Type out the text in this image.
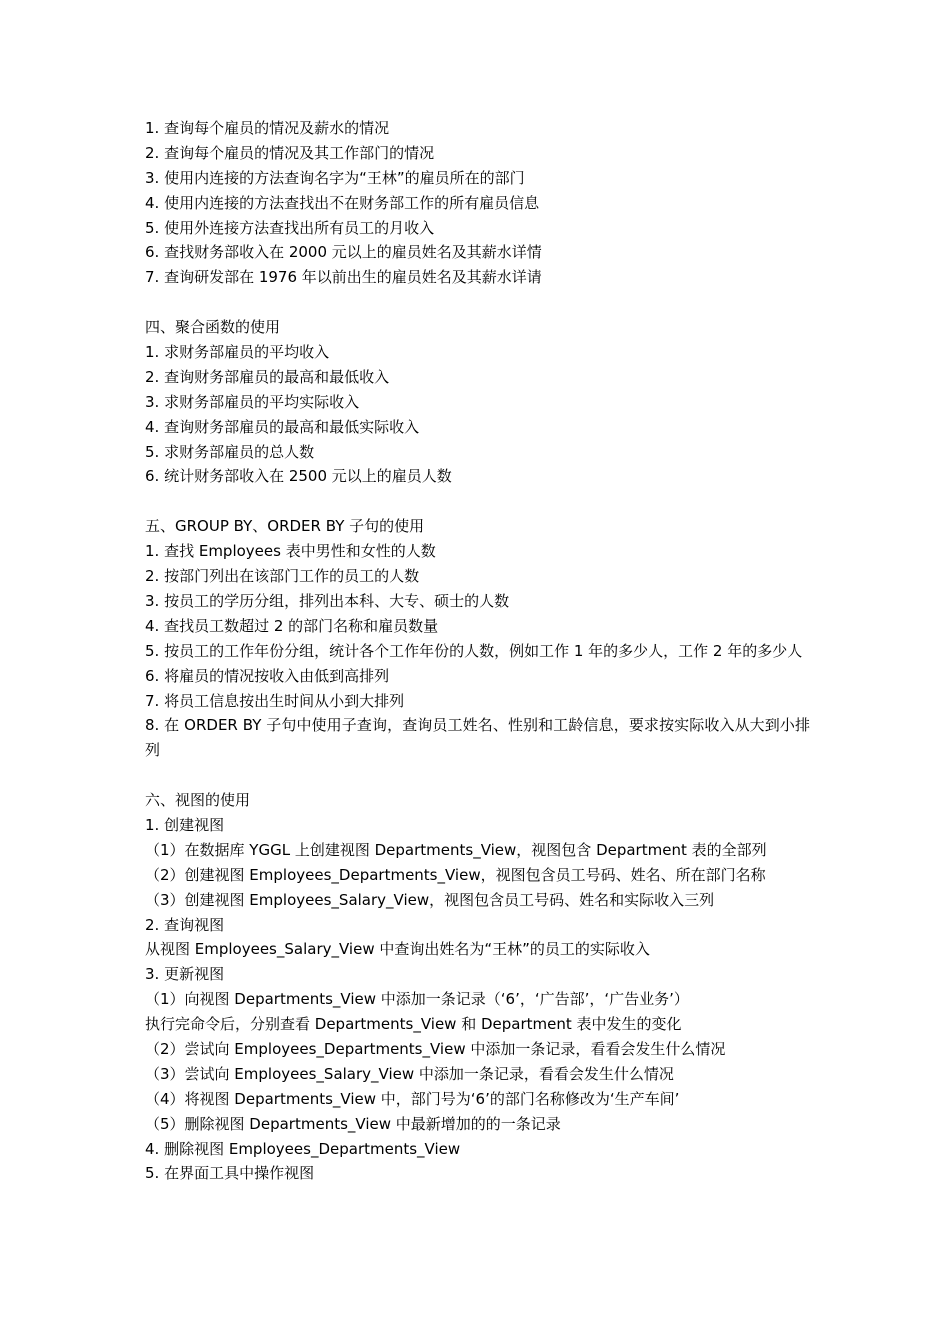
1. 查询每个雇员的情况及薪水的情况
2. 查询每个雇员的情况及其工作部门的情况
3. 使用内连接的方法查询名字为“王林”的雇员所在的部门
4. 使用内连接的方法查找出不在财务部工作的所有雇员信息
5. 使用外连接方法查找出所有员工的月收入
6. 查找财务部收入在 2000 元以上的雇员姓名及其薪水详情
7. 查询研发部在 1976 年以前出生的雇员姓名及其薪水详请
四、聚合函数的使用
1. 求财务部雇员的平均收入
2. 查询财务部雇员的最高和最低收入
3. 求财务部雇员的平均实际收入
4. 查询财务部雇员的最高和最低实际收入
5. 求财务部雇员的总人数
6. 统计财务部收入在 2500 元以上的雇员人数
五、GROUP BY、ORDER BY 子句的使用
1. 查找 Employees 表中男性和女性的人数
2. 按部门列出在该部门工作的员工的人数
3. 按员工的学历分组，排列出本科、大专、硕士的人数
4. 查找员工数超过 2 的部门名称和雇员数量
5. 按员工的工作年份分组，统计各个工作年份的人数，例如工作 1 年的多少人，工作 2 年的多少人
6. 将雇员的情况按收入由低到高排列
7. 将员工信息按出生时间从小到大排列
8. 在 ORDER BY 子句中使用子查询，查询员工姓名、性别和工龄信息，要求按实际收入从大到小排列
六、视图的使用
1. 创建视图
（1）在数据库 YGGL 上创建视图 Departments_View，视图包含 Department 表的全部列
（2）创建视图 Employees_Departments_View，视图包含员工号码、姓名、所在部门名称
（3）创建视图 Employees_Salary_View，视图包含员工号码、姓名和实际收入三列
2. 查询视图
从视图 Employees_Salary_View 中查询出姓名为“王林”的员工的实际收入
3. 更新视图
（1）向视图 Departments_View 中添加一条记录（‘6’，‘广告部’，‘广告业务’）
执行完命令后，分别查看 Departments_View 和 Department 表中发生的变化
（2）尝试向 Employees_Departments_View 中添加一条记录，看看会发生什么情况
（3）尝试向 Employees_Salary_View 中添加一条记录，看看会发生什么情况
（4）将视图 Departments_View 中，部门号为‘6’的部门名称修改为‘生产车间’
（5）删除视图 Departments_View 中最新增加的的一条记录
4. 删除视图 Employees_Departments_View
5. 在界面工具中操作视图
